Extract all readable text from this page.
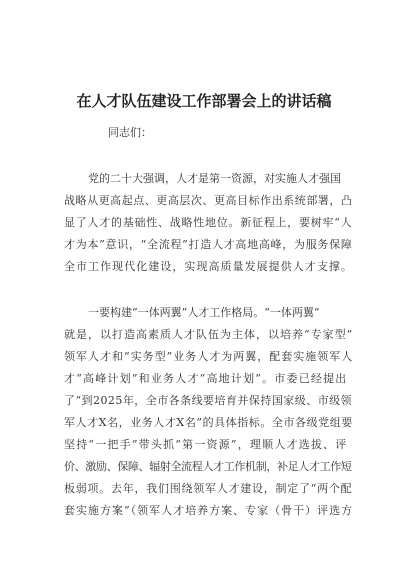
在人才队伍建设工作部署会上的讲话稿
同志们：
党的二十大强调，人才是第一资源，对实施人才强国
战略从更高起点、更高层次、更高目标作出系统部署，凸
显了人才的基础性、战略性地位。新征程上，要树牢“人
才为本”意识，“全流程”打造人才高地高峰，为服务保障
全市工作现代化建设，实现高质量发展提供人才支撑。
一要构建“一体两翼”人才工作格局。“一体两翼”
就是，以打造高素质人才队伍为主体，以培养“专家型”
领军人才和“实务型”业务人才为两翼，配套实施领军人
才“高峰计划”和业务人才“高地计划”。市委已经提出
了“到2025年，全市各条线要培育并保持国家级、市级领
军人才X名，业务人才X名”的具体指标。全市各级党组要
坚持“一把手”带头抓“第一资源”，理顺人才选拔、评
价、激励、保障、辐射全流程人才工作机制，补足人才工作短
板弱项。去年，我们围绕领军人才建设，制定了“两个配
套实施方案”（领军人才培养方案、专家（骨干）评选方
